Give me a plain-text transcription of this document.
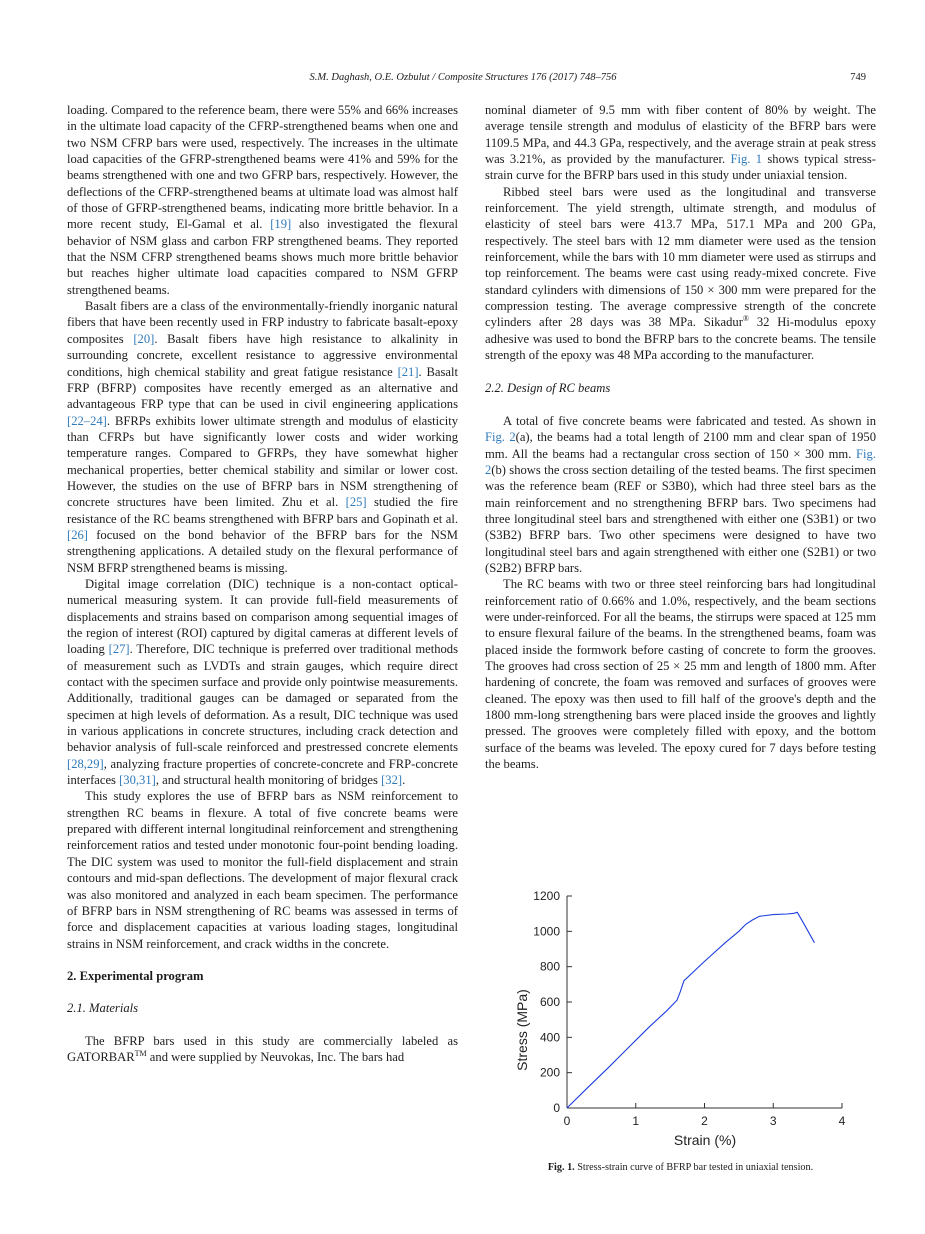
S.M. Daghash, O.E. Ozbulut / Composite Structures 176 (2017) 748–756	749

loading. Compared to the reference beam, there were 55% and 66% increases in the ultimate load capacity of the CFRP-strengthened beams when one and two NSM CFRP bars were used, respectively. The increases in the ultimate load capacities of the GFRP-strengthened beams were 41% and 59% for the beams strengthened with one and two GFRP bars, respectively. However, the deflections of the CFRP-strengthened beams at ultimate load was almost half of those of GFRP-strengthened beams, indicating more brittle behavior. In a more recent study, El-Gamal et al. [19] also investigated the flexural behavior of NSM glass and carbon FRP strengthened beams. They reported that the NSM CFRP strengthened beams shows much more brittle behavior but reaches higher ultimate load capacities compared to NSM GFRP strengthened beams.

Basalt fibers are a class of the environmentally-friendly inorganic natural fibers that have been recently used in FRP industry to fabricate basalt-epoxy composites [20]. Basalt fibers have high resistance to alkalinity in surrounding concrete, excellent resistance to aggressive environmental conditions, high chemical stability and great fatigue resistance [21]. Basalt FRP (BFRP) composites have recently emerged as an alternative and advantageous FRP type that can be used in civil engineering applications [22–24]. BFRPs exhibits lower ultimate strength and modulus of elasticity than CFRPs but have significantly lower costs and wider working temperature ranges. Compared to GFRPs, they have somewhat higher mechanical properties, better chemical stability and similar or lower cost. However, the studies on the use of BFRP bars in NSM strengthening of concrete structures have been limited. Zhu et al. [25] studied the fire resistance of the RC beams strengthened with BFRP bars and Gopinath et al. [26] focused on the bond behavior of the BFRP bars for the NSM strengthening applications. A detailed study on the flexural performance of NSM BFRP strengthened beams is missing.

Digital image correlation (DIC) technique is a non-contact optical-numerical measuring system. It can provide full-field measurements of displacements and strains based on comparison among sequential images of the region of interest (ROI) captured by digital cameras at different levels of loading [27]. Therefore, DIC technique is preferred over traditional methods of measurement such as LVDTs and strain gauges, which require direct contact with the specimen surface and provide only pointwise measurements. Additionally, traditional gauges can be damaged or separated from the specimen at high levels of deformation. As a result, DIC technique was used in various applications in concrete structures, including crack detection and behavior analysis of full-scale reinforced and prestressed concrete elements [28,29], analyzing fracture properties of concrete-concrete and FRP-concrete interfaces [30,31], and structural health monitoring of bridges [32].

This study explores the use of BFRP bars as NSM reinforcement to strengthen RC beams in flexure. A total of five concrete beams were prepared with different internal longitudinal reinforcement and strengthening reinforcement ratios and tested under monotonic four-point bending loading. The DIC system was used to monitor the full-field displacement and strain contours and mid-span deflections. The development of major flexural crack was also monitored and analyzed in each beam specimen. The performance of BFRP bars in NSM strengthening of RC beams was assessed in terms of force and displacement capacities at various loading stages, longitudinal strains in NSM reinforcement, and crack widths in the concrete.

2. Experimental program
2.1. Materials

The BFRP bars used in this study are commercially labeled as GATORBAR™ and were supplied by Neuvokas, Inc. The bars had

nominal diameter of 9.5 mm with fiber content of 80% by weight. The average tensile strength and modulus of elasticity of the BFRP bars were 1109.5 MPa, and 44.3 GPa, respectively, and the average strain at peak stress was 3.21%, as provided by the manufacturer. Fig. 1 shows typical stress-strain curve for the BFRP bars used in this study under uniaxial tension.

Ribbed steel bars were used as the longitudinal and transverse reinforcement. The yield strength, ultimate strength, and modulus of elasticity of steel bars were 413.7 MPa, 517.1 MPa and 200 GPa, respectively. The steel bars with 12 mm diameter were used as the tension reinforcement, while the bars with 10 mm diameter were used as stirrups and top reinforcement. The beams were cast using ready-mixed concrete. Five standard cylinders with dimensions of 150 × 300 mm were prepared for the compression testing. The average compressive strength of the concrete cylinders after 28 days was 38 MPa. Sikadur® 32 Hi-modulus epoxy adhesive was used to bond the BFRP bars to the concrete beams. The tensile strength of the epoxy was 48 MPa according to the manufacturer.

2.2. Design of RC beams

A total of five concrete beams were fabricated and tested. As shown in Fig. 2(a), the beams had a total length of 2100 mm and clear span of 1950 mm. All the beams had a rectangular cross section of 150 × 300 mm. Fig. 2(b) shows the cross section detailing of the tested beams. The first specimen was the reference beam (REF or S3B0), which had three steel bars as the main reinforcement and no strengthening BFRP bars. Two specimens had three longitudinal steel bars and strengthened with either one (S3B1) or two (S3B2) BFRP bars. Two other specimens were designed to have two longitudinal steel bars and again strengthened with either one (S2B1) or two (S2B2) BFRP bars.

The RC beams with two or three steel reinforcing bars had longitudinal reinforcement ratio of 0.66% and 1.0%, respectively, and the beam sections were under-reinforced. For all the beams, the stirrups were spaced at 125 mm to ensure flexural failure of the beams. In the strengthened beams, foam was placed inside the formwork before casting of concrete to form the grooves. The grooves had cross section of 25 × 25 mm and length of 1800 mm. After hardening of concrete, the foam was removed and surfaces of grooves were cleaned. The epoxy was then used to fill half of the groove's depth and the 1800 mm-long strengthening bars were placed inside the grooves and lightly pressed. The grooves were completely filled with epoxy, and the bottom surface of the beams was leveled. The epoxy cured for 7 days before testing the beams.

0	1	2	3	4
0
200
400
600
800
1000
1200
Strain (%)
Stress (MPa)
Fig. 1. Stress-strain curve of BFRP bar tested in uniaxial tension.
